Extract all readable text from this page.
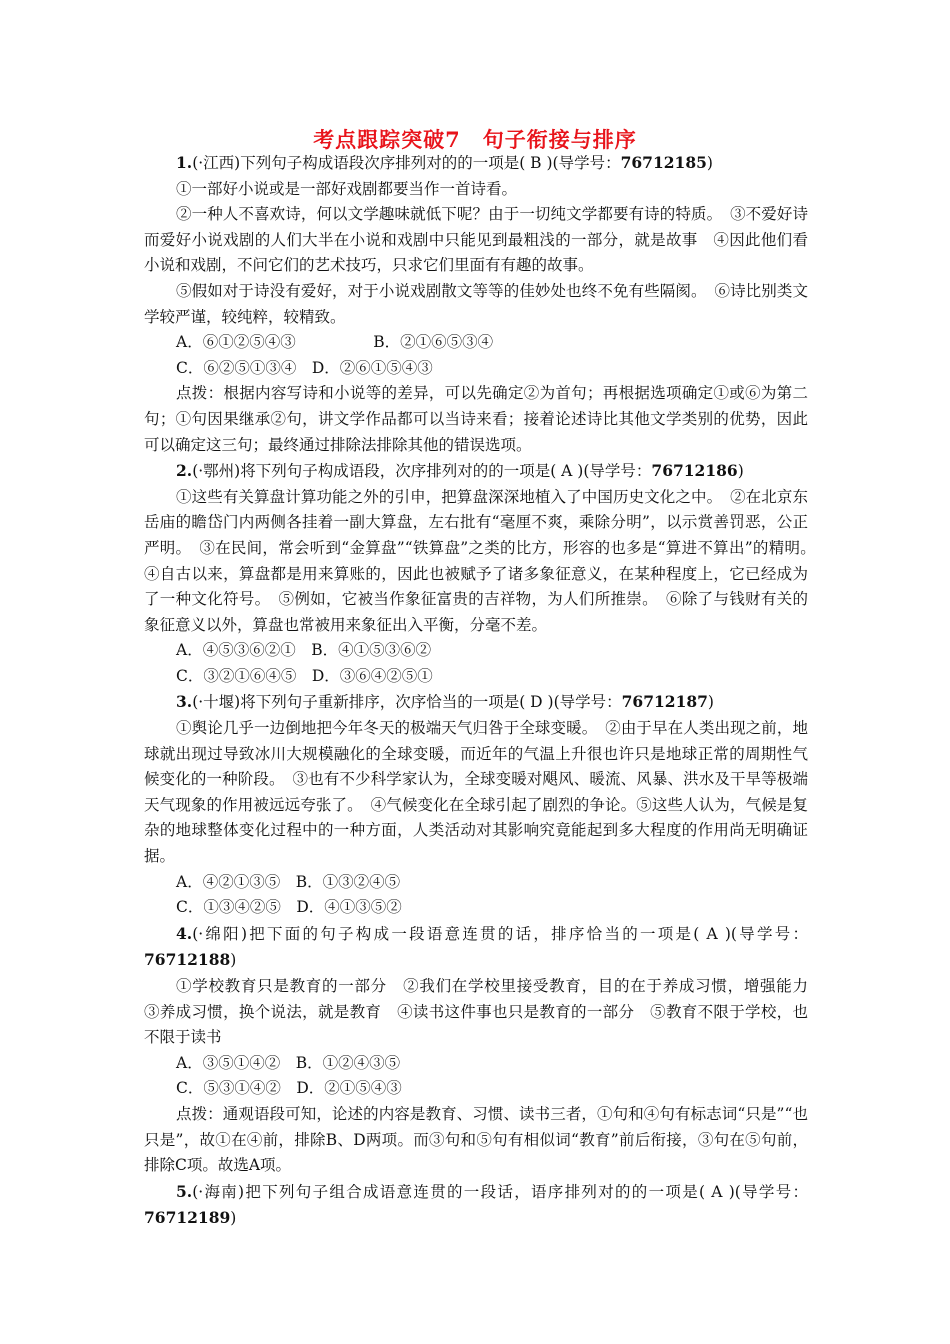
考点跟踪突破7　句子衔接与排序

1.(·江西)下列句子构成语段次序排列对的的一项是( B )(导学号：76712185)

①一部好小说或是一部好戏剧都要当作一首诗看。

②一种人不喜欢诗，何以文学趣味就低下呢？由于一切纯文学都要有诗的特质。　③不爱好诗而爱好小说戏剧的人们大半在小说和戏剧中只能见到最粗浅的一部分，就是故事　④因此他们看小说和戏剧，不问它们的艺术技巧，只求它们里面有有趣的故事。

⑤假如对于诗没有爱好，对于小说戏剧散文等等的佳妙处也终不免有些隔阂。　⑥诗比别类文学较严谨，较纯粹，较精致。

A．⑥①②⑤④③　　　　　B．②①⑥⑤③④

C．⑥②⑤①③④　D．②⑥①⑤④③

点拨：根据内容写诗和小说等的差异，可以先确定②为首句；再根据选项确定①或⑥为第二句；①句因果继承②句，讲文学作品都可以当诗来看；接着论述诗比其他文学类别的优势，因此可以确定这三句；最终通过排除法排除其他的错误选项。

2.(·鄂州)将下列句子构成语段，次序排列对的的一项是( A )(导学号：76712186)

①这些有关算盘计算功能之外的引申，把算盘深深地植入了中国历史文化之中。　②在北京东岳庙的瞻岱门内两侧各挂着一副大算盘，左右批有“毫厘不爽，乘除分明”，以示赏善罚恶，公正严明。　③在民间，常会听到“金算盘”“铁算盘”之类的比方，形容的也多是“算进不算出”的精明。　④自古以来，算盘都是用来算账的，因此也被赋予了诸多象征意义，在某种程度上，它已经成为了一种文化符号。　⑤例如，它被当作象征富贵的吉祥物，为人们所推崇。　⑥除了与钱财有关的象征意义以外，算盘也常被用来象征出入平衡，分毫不差。

A．④⑤③⑥②①　B．④①⑤③⑥②

C．③②①⑥④⑤　D．③⑥④②⑤①

3.(·十堰)将下列句子重新排序，次序恰当的一项是( D )(导学号：76712187)

①舆论几乎一边倒地把今年冬天的极端天气归咎于全球变暖。　②由于早在人类出现之前，地球就出现过导致冰川大规模融化的全球变暖，而近年的气温上升很也许只是地球正常的周期性气候变化的一种阶段。　③也有不少科学家认为，全球变暖对飓风、暖流、风暴、洪水及干旱等极端天气现象的作用被远远夸张了。　④气候变化在全球引起了剧烈的争论。⑤这些人认为，气候是复杂的地球整体变化过程中的一种方面，人类活动对其影响究竟能起到多大程度的作用尚无明确证据。

A．④②①③⑤　B．①③②④⑤

C．①③④②⑤　D．④①③⑤②

4.(·绵阳)把下面的句子构成一段语意连贯的话，排序恰当的一项是( A )(导学号：76712188)

①学校教育只是教育的一部分　②我们在学校里接受教育，目的在于养成习惯，增强能力　③养成习惯，换个说法，就是教育　④读书这件事也只是教育的一部分　⑤教育不限于学校，也不限于读书

A．③⑤①④②　B．①②④③⑤

C．⑤③①④②　D．②①⑤④③

点拨：通观语段可知，论述的内容是教育、习惯、读书三者，①句和④句有标志词“只是”“也只是”，故①在④前，排除B、D两项。而③句和⑤句有相似词“教育”前后衔接，③句在⑤句前，排除C项。故选A项。

5.(·海南)把下列句子组合成语意连贯的一段话，语序排列对的的一项是( A )(导学号：76712189)
